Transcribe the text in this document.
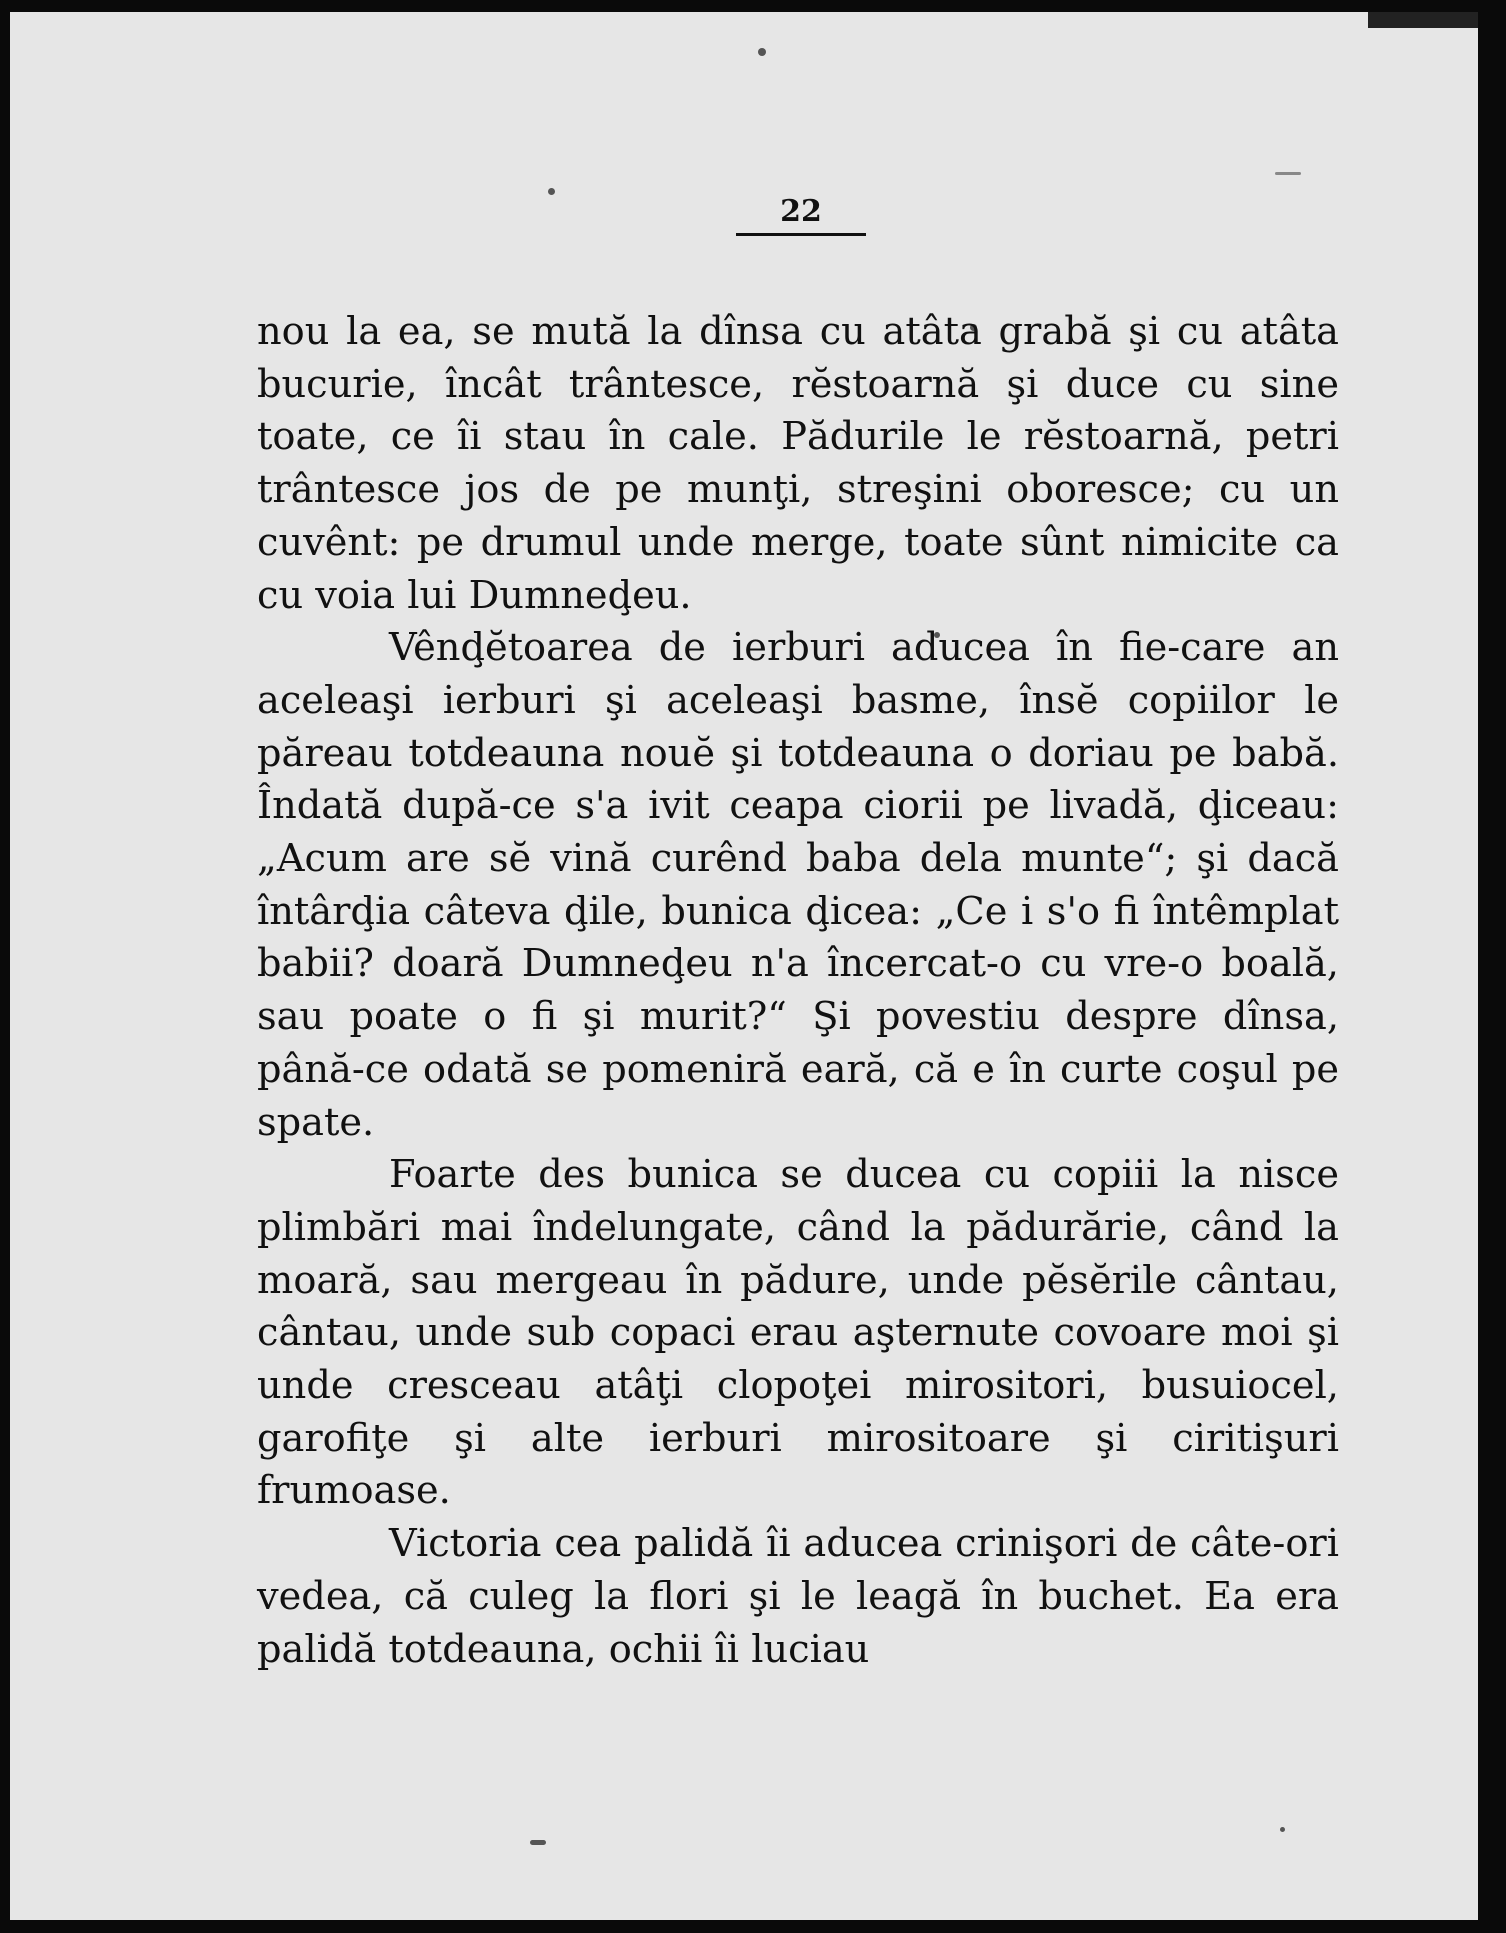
22

nou la ea, se mută la dînsa cu atâta grabă şi cu atâta bucurie, încât trântesce, rĕstoarnă şi duce cu sine toate, ce îi stau în cale. Pădurile le rĕstoarnă, petri trântesce jos de pe munţi, streşini oboresce; cu un cuvênt: pe drumul unde merge, toate sûnt nimicite ca cu voia lui Dumneḑeu.

Vênḑĕtoarea de ierburi aducea în fie-care an aceleaşi ierburi şi aceleaşi basme, însĕ copiilor le păreau totdeauna nouĕ şi totdeauna o doriau pe babă. Îndată după-ce s'a ivit ceapa ciorii pe livadă, ḑiceau: „Acum are sĕ vină curênd baba dela munte“; şi dacă întârḑia câteva ḑile, bunica ḑicea: „Ce i s'o fi întêmplat babii? doară Dumneḑeu n'a încercat-o cu vre-o boală, sau poate o fi şi murit?“ Şi povestiu despre dînsa, până-ce odată se pomeniră eară, că e în curte coşul pe spate.

Foarte des bunica se ducea cu copiii la nisce plimbări mai îndelungate, când la pădurărie, când la moară, sau mergeau în pădure, unde pĕsĕrile cântau, cântau, unde sub copaci erau aşternute covoare moi şi unde cresceau atâţi clopoţei mirositori, busuiocel, garofiţe şi alte ierburi mirositoare şi ciritişuri frumoase.

Victoria cea palidă îi aducea crinişori de câte-ori vedea, că culeg la flori şi le leagă în buchet. Ea era palidă totdeauna, ochii îi luciau
